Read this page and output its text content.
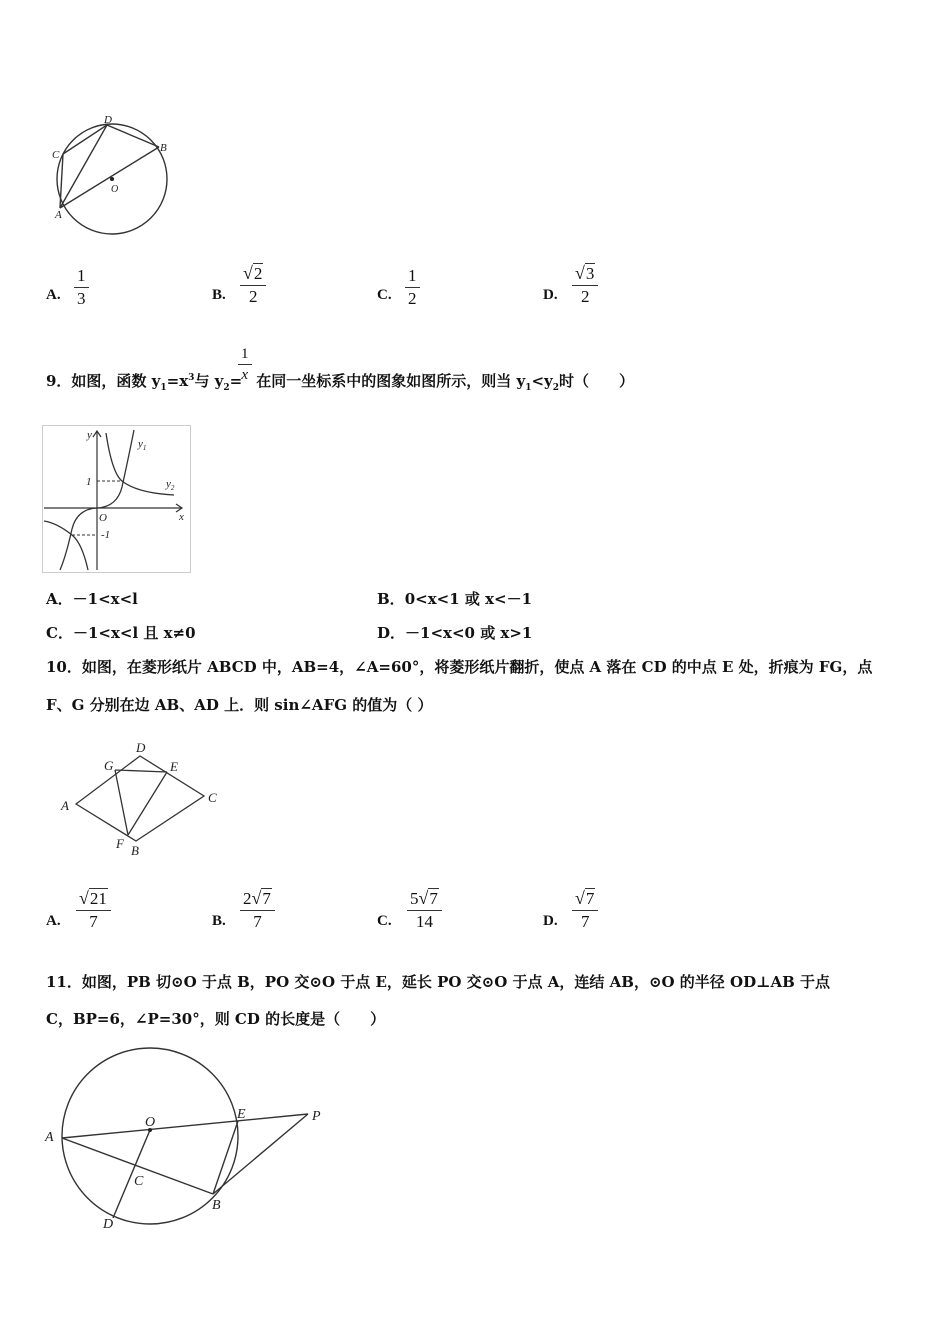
D
C
B
O
A
A. $\frac{1}{3}$	B. $\frac{√ 2}{2}$	C. $\frac{1}{2}$	D. $\frac{√ 3}{2}$
9．如图，函数 $y_1=x^3$与 $y_2=$ 在同一坐标系中的图象如图所示，则当 $y_1<y_2$时（　　）
$\frac{1}{x}$
y
x
$y_1$
$y_2$
1
O
-1
A．－1<x<l	B．0<x<1 或 x<－1
C．－1<x<l 且 x≠0	D．－1<x<0 或 x>1
10．如图，在菱形纸片 ABCD 中，AB=4，∠A=60°，将菱形纸片翻折，使点 A 落在 CD 的中点 E 处，折痕为 FG，点
F、G 分别在边 AB、AD 上．则 sin∠AFG 的值为（ ）
D
G	E
A
C
F B
A. $\frac{√ 21}{7}$	B. $\frac{2 √ 7}{7}$	C. $\frac{5 √ 7}{14}$	D. $\frac{√ 7}{7}$
11．如图，PB 切⊙O 于点 B，PO 交⊙O 于点 E，延长 PO 交⊙O 于点 A，连结 AB，⊙O 的半径 OD⊥AB 于点
C，BP=6，∠P=30°，则 CD 的长度是（　　）
O
E	P
A
C
B
D
